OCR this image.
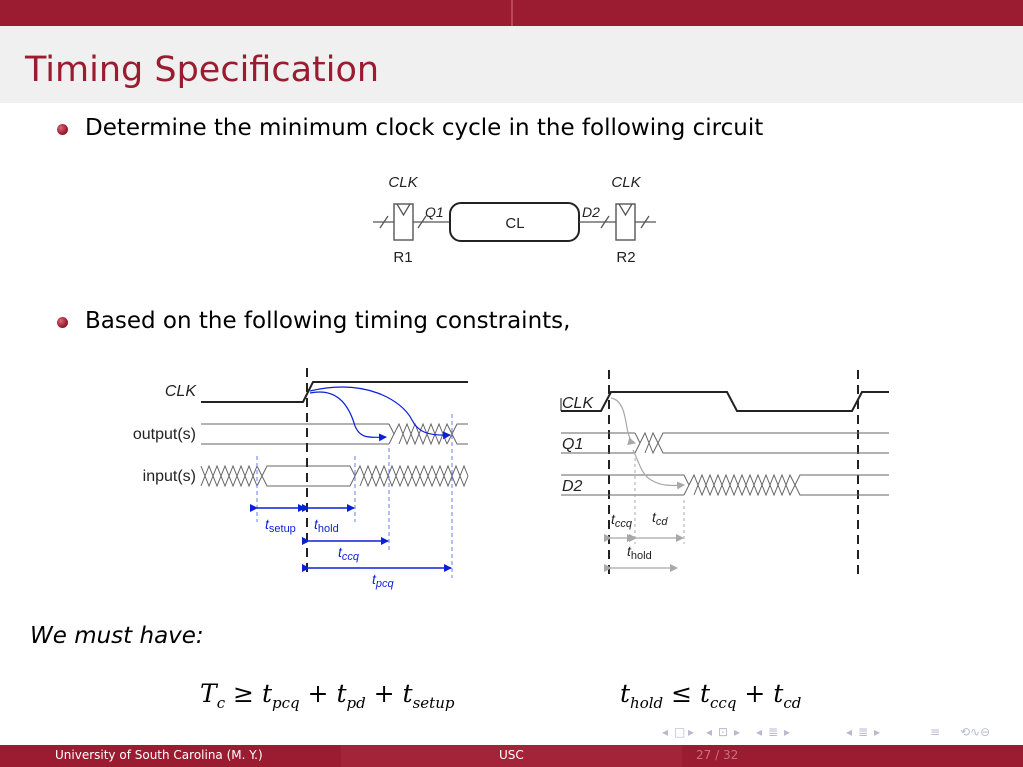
Timing Specification
Determine the minimum clock cycle in the following circuit
CLK	CLK
Q1	D2
CL
R1	R2
Based on the following timing constraints,
CLK
output(s)
input(s)
$t_{setup}$ $t_{hold}$
$t_{ccq}$
$t_{pcq}$
CLK
Q1
D2
$t_{ccq}$ $t_{cd}$
$t_{hold}$
We must have:
$T_c \ge t_{pcq} + t_{pd} + t_{setup}$	$t_{hold} \le t_{ccq} + t_{cd}$
◂ □ ▸ ◂ ⊡ ▸ ◂ ≣ ▸	◂ ≣ ▸	≡ ⟲∿⊖
University of South Carolina (M. Y.)	USC	27 / 32
